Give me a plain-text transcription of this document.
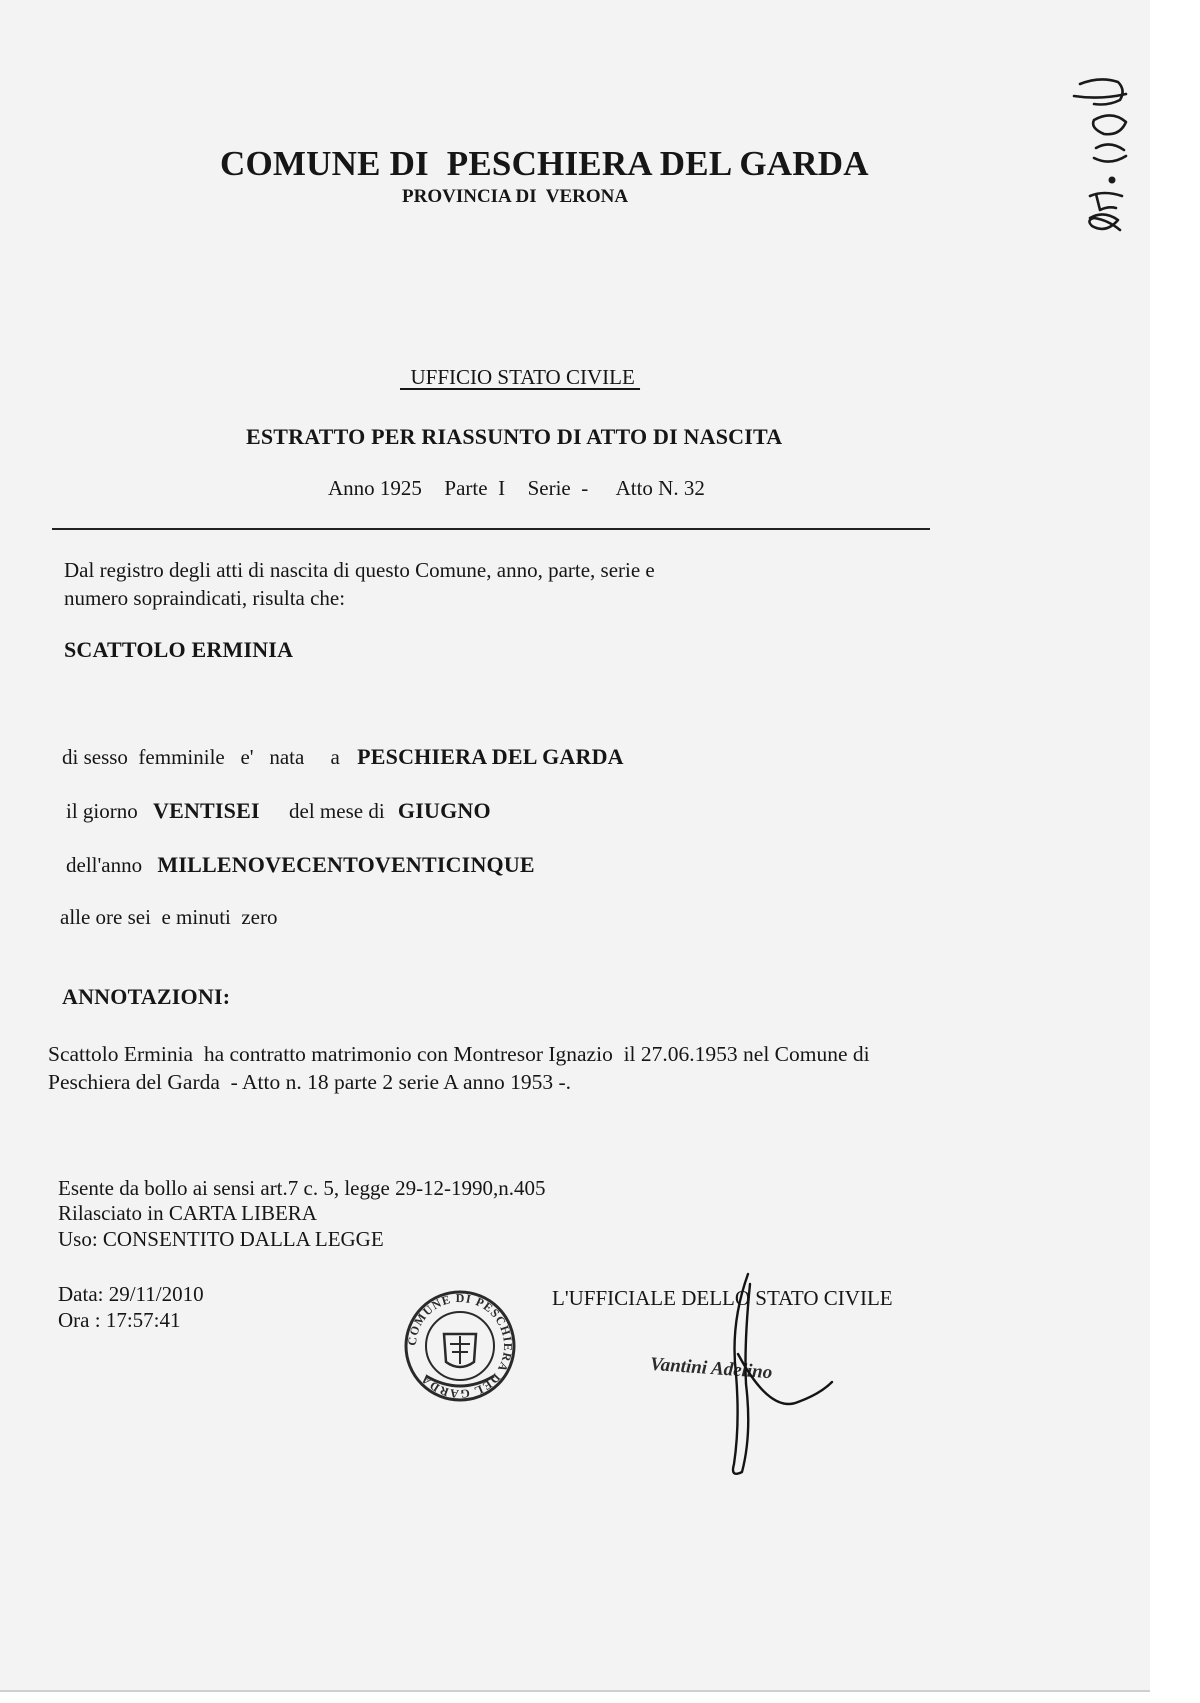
COMUNE DI  PESCHIERA DEL GARDA
PROVINCIA DI  VERONA

UFFICIO STATO CIVILE

ESTRATTO PER RIASSUNTO DI ATTO DI NASCITA
Anno 1925 Parte  I Serie  - Atto N. 32
Dal registro degli atti di nascita di questo Comune, anno, parte, serie e
numero sopraindicati, risulta che:
SCATTOLO ERMINIA
di sesso  femminile   e'   nata     a PESCHIERA DEL GARDA
il giorno VENTISEI del mese di GIUGNO
dell'anno MILLENOVECENTOVENTICINQUE
alle ore sei  e minuti  zero
ANNOTAZIONI:
Scattolo Erminia  ha contratto matrimonio con Montresor Ignazio  il 27.06.1953 nel Comune di
Peschiera del Garda  - Atto n. 18 parte 2 serie A anno 1953 -.
Esente da bollo ai sensi art.7 c. 5, legge 29-12-1990,n.405
Rilasciato in CARTA LIBERA
Uso: CONSENTITO DALLA LEGGE
Data: 29/11/2010
Ora : 17:57:41
L'UFFICIALE DELLO STATO CIVILE
COMUNE DI PESCHIERA DEL GARDA	Vantini Adelino
